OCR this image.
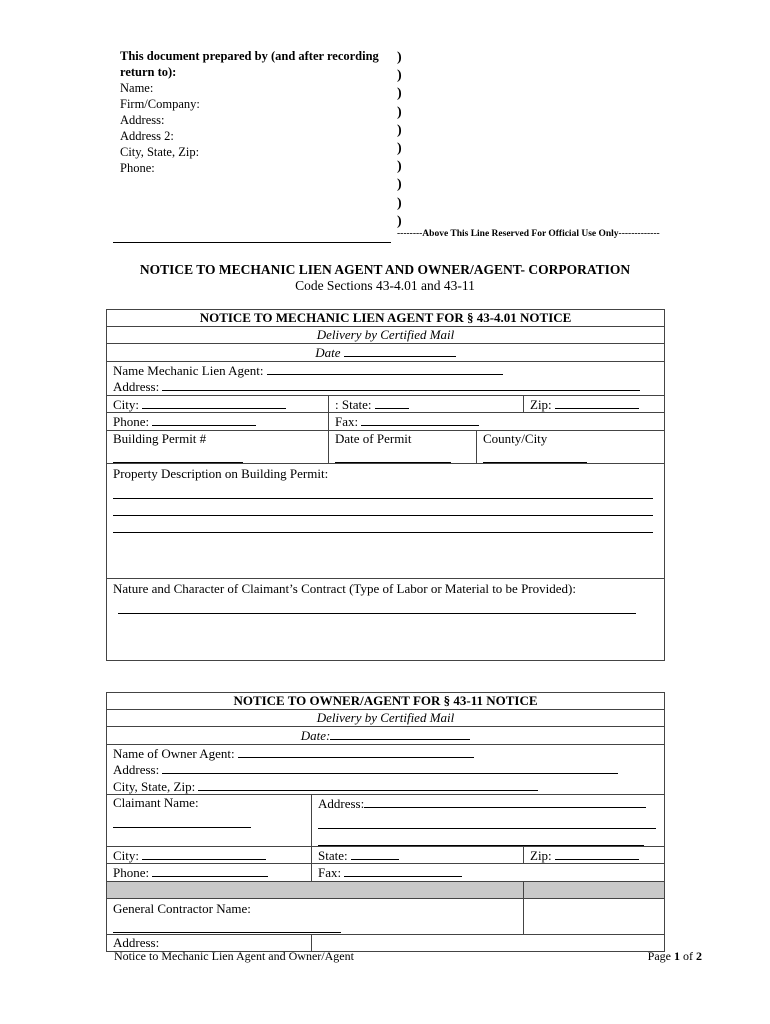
This document prepared by (and after recording return to):
Name:
Firm/Company:
Address:
Address 2:
City, State, Zip:
Phone:
)
)
)
)
)
)
)
)
)
)
--------Above This Line Reserved For Official Use Only-------------
NOTICE TO MECHANIC LIEN AGENT AND OWNER/AGENT- CORPORATION
Code Sections 43-4.01 and 43-11
NOTICE TO MECHANIC LIEN AGENT FOR § 43-4.01 NOTICE			
Delivery by Certified Mail			
Date			

Name Mechanic Lien Agent:
Address:			

City:	: State:		Zip:
Phone:	Fax:		

Building Permit #	Date of Permit	County/City	

Property Description on Building Permit:			

Nature and Character of Claimant’s Contract (Type of Labor or Material to be Provided):			
NOTICE TO OWNER/AGENT FOR § 43-11 NOTICE		
Delivery by Certified Mail		
Date:		

Name of Owner Agent:
Address:
City, State, Zip:		

Claimant Name:	Address:	

City:	State:	Zip:
Phone:	Fax:	

General Contractor Name:		

Address:		
Notice to Mechanic Lien Agent and Owner/Agent	Page 1 of 2
